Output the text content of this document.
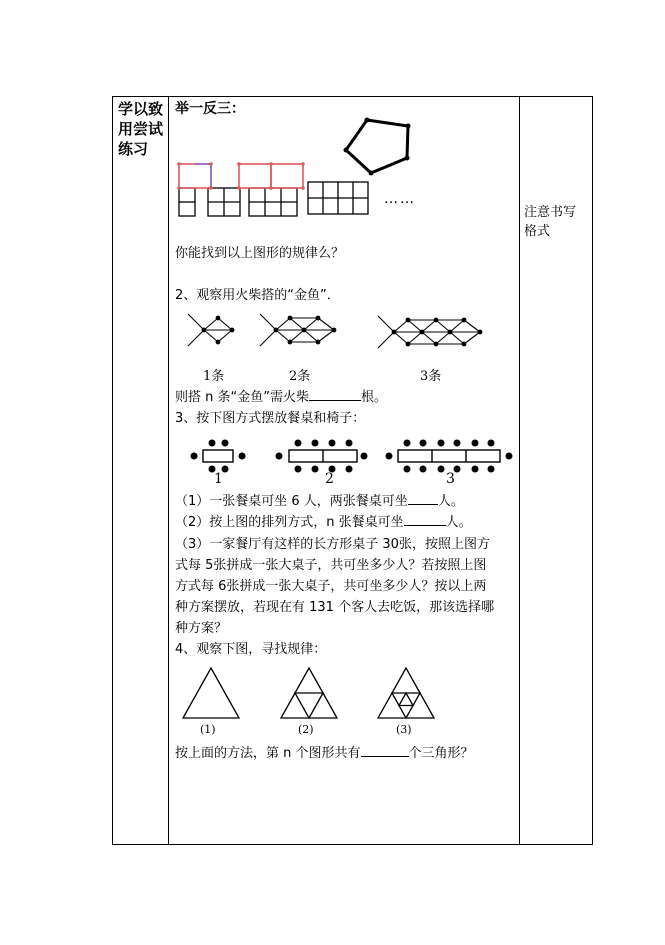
学以致用尝试练习
注意书写格式
举一反三：
……
你能找到以上图形的规律么？
2、观察用火柴搭的“金鱼”．
1条	2条	3条
则搭 n 条“金鱼”需火柴	根。
3、按下图方式摆放餐桌和椅子：
1	2	3
（1）一张餐桌可坐 6 人，两张餐桌可坐 人。
（2）按上图的排列方式，n 张餐桌可坐	人。
（3）一家餐厅有这样的长方形桌子 30张，按照上图方
式每 5张拼成一张大桌子，共可坐多少人？若按照上图
方式每 6张拼成一张大桌子，共可坐多少人？按以上两
种方案摆放，若现在有 131 个客人去吃饭，那该选择哪
种方案？
4、观察下图，寻找规律：
(1)	(2)	(3)
按上面的方法，第 n 个图形共有	个三角形？
